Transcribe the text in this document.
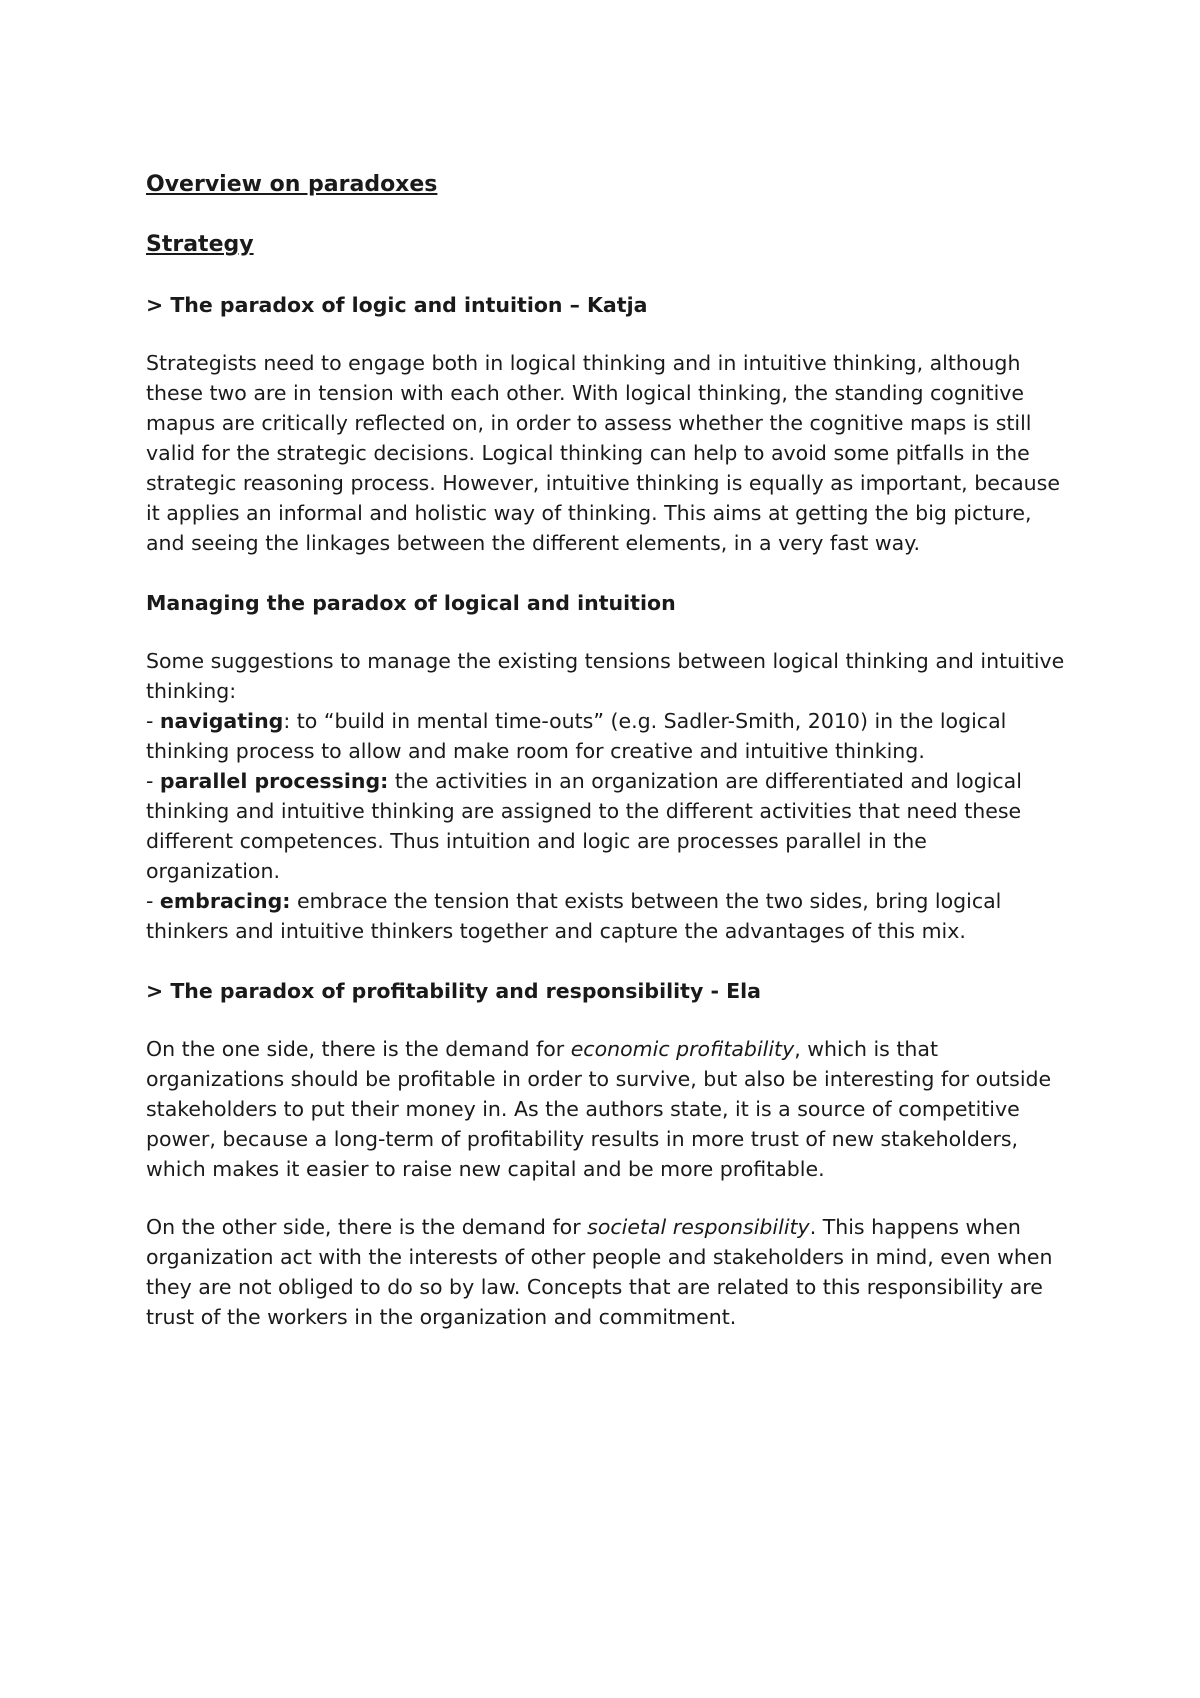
Overview on paradoxes

Strategy

> The paradox of logic and intuition – Katja

Strategists need to engage both in logical thinking and in intuitive thinking, although these two are in tension with each other. With logical thinking, the standing cognitive mapus are critically reflected on, in order to assess whether the cognitive maps is still valid for the strategic decisions. Logical thinking can help to avoid some pitfalls in the strategic reasoning process. However, intuitive thinking is equally as important, because it applies an informal and holistic way of thinking. This aims at getting the big picture, and seeing the linkages between the different elements, in a very fast way.

Managing the paradox of logical and intuition

Some suggestions to manage the existing tensions between logical thinking and intuitive thinking:

- navigating: to “build in mental time-outs” (e.g. Sadler-Smith, 2010) in the logical thinking process to allow and make room for creative and intuitive thinking.

- parallel processing: the activities in an organization are differentiated and logical thinking and intuitive thinking are assigned to the different activities that need these different competences. Thus intuition and logic are processes parallel in the organization.

- embracing: embrace the tension that exists between the two sides, bring logical thinkers and intuitive thinkers together and capture the advantages of this mix.

> The paradox of profitability and responsibility - Ela

On the one side, there is the demand for economic profitability, which is that organizations should be profitable in order to survive, but also be interesting for outside stakeholders to put their money in. As the authors state, it is a source of competitive power, because a long-term of profitability results in more trust of new stakeholders, which makes it easier to raise new capital and be more profitable.

On the other side, there is the demand for societal responsibility. This happens when organization act with the interests of other people and stakeholders in mind, even when they are not obliged to do so by law. Concepts that are related to this responsibility are trust of the workers in the organization and commitment.
